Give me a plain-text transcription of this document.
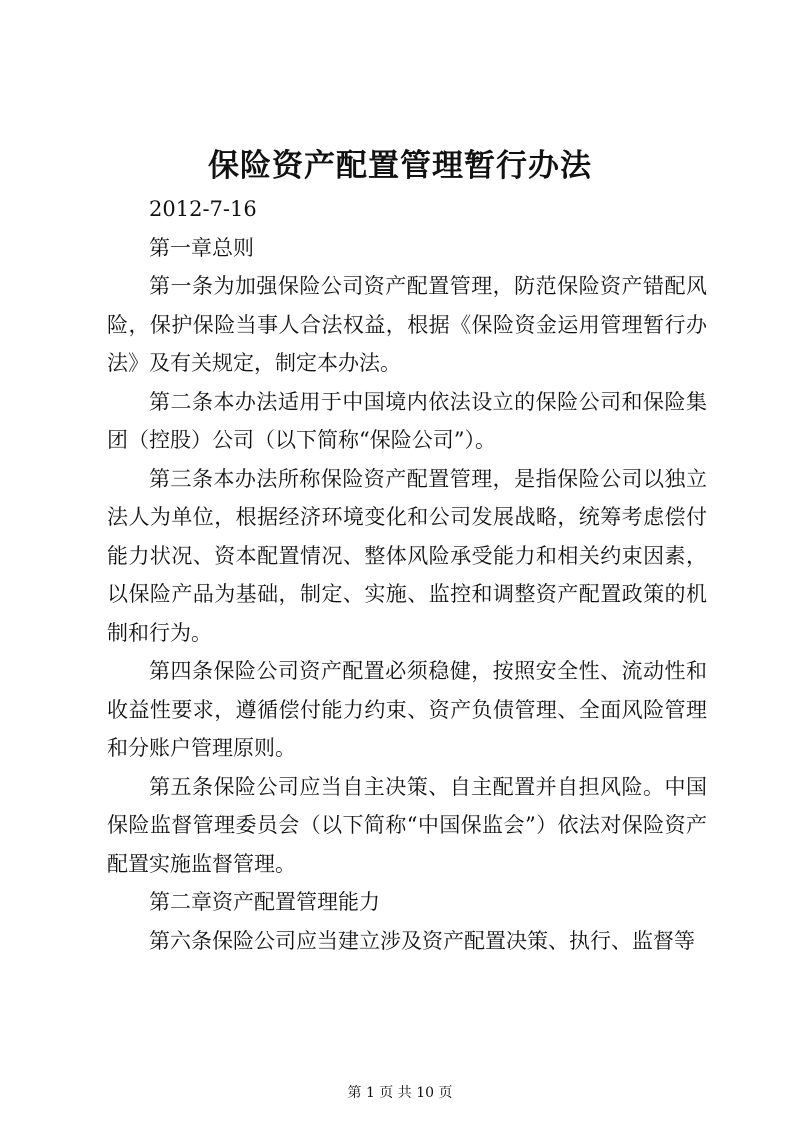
保险资产配置管理暂行办法

2012-7-16

第一章总则

第一条为加强保险公司资产配置管理，防范保险资产错配风险，保护保险当事人合法权益，根据《保险资金运用管理暂行办法》及有关规定，制定本办法。

第二条本办法适用于中国境内依法设立的保险公司和保险集团（控股）公司（以下简称“保险公司”）。

第三条本办法所称保险资产配置管理，是指保险公司以独立法人为单位，根据经济环境变化和公司发展战略，统筹考虑偿付能力状况、资本配置情况、整体风险承受能力和相关约束因素，以保险产品为基础，制定、实施、监控和调整资产配置政策的机制和行为。

第四条保险公司资产配置必须稳健，按照安全性、流动性和收益性要求，遵循偿付能力约束、资产负债管理、全面风险管理和分账户管理原则。

第五条保险公司应当自主决策、自主配置并自担风险。中国保险监督管理委员会（以下简称“中国保监会”）依法对保险资产配置实施监督管理。

第二章资产配置管理能力

第六条保险公司应当建立涉及资产配置决策、执行、监督等

第 1 页 共 10 页
